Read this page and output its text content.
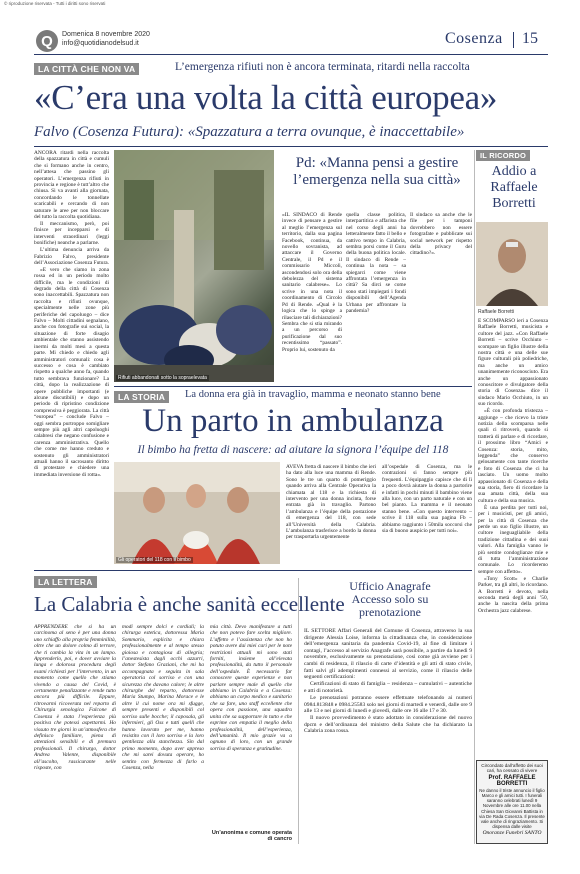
© riproduzione riservata - Tutti i diritti sono riservati
Q Domenica 8 novembre 2020
info@quotidianodelsud.it	Cosenza 15
LA CITTÀ CHE NON VA	L’emergenza rifiuti non è ancora terminata, ritardi nella raccolta
«C’era una volta la città europea»
Falvo (Cosenza Futura): «Spazzatura a terra ovunque, è inaccettabile»

ANCORA ritardi nella raccolta della spazzatura in città e cumuli che si formano anche in centro, nell’attesa che passino gli operatori. L’emergenza rifiuti in provincia e regione è tutt’altro che chiusa. Si va avanti alla giornata, concordando le tonnellate scaricabili e cercando di non saturare le aree per non bloccare del tutto la raccolta quotidiana.

Il meccanismo, però, poi finisce per incepparsi e di interventi straordinari (leggi bonifiche) neanche a parlarne.

L’ultima denuncia arriva da Fabrizio Falvo, presidente dell’Associazione Cosenza Futura.

«E vero che siamo in zona rossa ed in un periodo molto difficile, ma le condizioni di degrado della città di Cosenza sono inaccettabili. Spazzatura non raccolta e rifiuti ovunque, specialmente nelle zone più periferiche del capoluogo – dice Falvo – Molti cittadini segnalano, anche con fotografie sui social, la situazione di forte disagio ambientale che stanno assistendo inermi da molti mesi a questa parte. Mi chiedo e chiedo agli amministratori comunali: cosa è successo e cosa è cambiato rispetto a qualche anno fa, quando tutto sembrava funzionare? La città, dopo la realizzazione di opere pubbliche importanti (e alcune discutibili) e dopo un periodo di ripristino condizione comprensiva è peggiorata. La città “europea” – conclude Falvo – oggi sembra purtroppo somigliare sempre più agli altri capoluoghi calabresi che negano confusione e carenza amministrativa. Quello che come me hanno creduto e sostenuto gli amministratori attuali hanno il sacrosanto diritto di protestare e chiedere una immediata inversione di rotta».

Rifiuti abbandonati sotto la sopraelevata
Pd: «Manna pensi a gestire l’emergenza nella sua città»
«IL SINDACO di Rende invece di pensare a gestire al meglio l’emergenza sul territorio, dalla sua pagina Facebook, continua, da novello sovranista, ad attaccare il Governo Centrale, il Pd e il commissario Miccoli, ascondendosi solo ora della debolezza del sistema sanitario calabrese». Lo scrive in una nota il coordinamento di Circolo Pd di Rende. «Qual è la logica che lo spinge a rilasciare tali dichiarazioni? Sembra che si stia mirando a un percorso di purificazione dal suo recentissimo “passato”. Proprio lui, sostenuto da
quella classe politica, interpartitica e affarista che nel corso degli anni ha letteralmente fatto il bello e cattivo tempo in Calabria, sembra porsi come il Guru della buona politica locale. Il sindaco di Rende – continua la nota – sa spiegarci come viene affrontata l’emergenza in città? Sa dirci se come sono stati impiegati i fondi disponibili dell’Agenda Urbana per affrontare la pandemia?
Il sindaco sa anche che le file per i tamponi dovrebbero non essere fotografate e pubblicate sui social network per rispetto della privacy del cittadino?».
IL RICORDO
Addio a Raffaele Borretti
Raffaele Borretti

È SCOMPARSO ieri a Cosenza Raffaele Borretti, musicista e cultore del jazz. «Con Raffaele Borretti – scrive Occhiuto – scompare un figlio illustre della nostra città e una delle sue figure culturali più poliedriche, ma anche un amico unanimemente riconosciuto. Era anche un appassionato conoscitore e divulgatore della storia di Cosenza» dice il sindaco Mario Occhiuto, in un suo ricordo.

«È con profonda tristezza – aggiunge – che ricevo la triste notizia della scomparsa nelle quali ci ritroverò, quando si tratterà di parlare e di ricordare, il prossimo libro “Amici e Cosenza: storia, mito, leggenda” che conservo gelosamente con tante ricerche e foto di Cosenza che ci ha lasciato. Un uomo molto appassionato di Cosenza e della sua storia, fiero di ricordare la sua amata città, della sua cultura e della sua musica.

È una perdita per tutti noi, per i musicisti, per gli amici, per la città di Cosenza che perde un suo figlio illustre, un cultore ineguagliabile della tradizione cittadina e dei suoi valori. Alla famiglia vanno le più sentite condoglianze mie e di tutta l’amministrazione comunale. Lo ricorderemo sempre con affetto».

«Tony Scott» e Charlie Parker, tra gli altri, lo ricordano. A Borretti è devoto, nella seconda metà degli anni ’50, anche la nascita della prima Orchestra jazz calabrese.

Circondato dall’affetto dei suoi cari, ha cessato di vivere
Prof. RAFFAELE BORRETTI
Ne danno il triste annuncio il figlio Marco e gli amici tutti. I funerali saranno celebrati lunedì 9 Novembre alle ore 11.00 nella Chiesa San Giovanni Battista in via De Rada Cosenza. Il presente vale anche di ringraziamento. Si dispensa dalle visite
Onoranze Funebri SANTO
LA STORIA	La donna era già in travaglio, mamma e neonato stanno bene
Un parto in ambulanza
Il bimbo ha fretta di nascere: ad aiutare la signora l’équipe del 118
Gli operatori del 118 con il bimbo
AVEVA fretta di nascere il bimbo che ieri ha dato alla luce una mamma di Rende. Sono le tre un quarto di pomeriggio quando arriva alla Centrale Operativa la chiamata al 118 e la richiesta di intervento per una donna incinta, forse entrata già in travaglio. Partono l’ambulanza e l’équipe della postazione di emergenza del 118, con sede all’Università della Calabria. L’ambulanza trasferisce a bordo la donna per trasportarla urgentemente
all’ospedale di Cosenza, ma le contrazioni si fanno sempre più frequenti. L’équipaggio capisce che di lì a poco dovrà aiutare la donna a partorire e infatti in pochi minuti il bambino viene alla luce, con un parto naturale e con un bel pianto. La mamma e il neonato stanno bene. «Con questo intervento – scrive il 118 sulla sua pagina Fb – abbiamo raggiunto i 50mila soccorsi che sia di buono auspicio per tutti noi».
LA LETTERA
La Calabria è anche sanità eccellente
APPRENDERE che si ha un carcinoma al seno è per una donna uno schiaffo alla propria femminilità, oltre che un dolore colmo di terrore, che ti cambia la vita in un lampo. Apprenderlo, poi, e dover avviare la lunga e dolorosa procedura degli esami richiesti per l’intervento, in un momento come quello che stiamo vivendo a causa del Covid, è certamente penalizzante e rende tutto ancora più difficile. Eppure, ritrovarmi ricoverata nel reparto di Chirurgia senologica Falcone di Cosenza è stata l’esperienza più positiva che potessi aspettarmi. Ho vissuto tre giorni in un’atmosfera che definisco familiare, piena di attenzioni sensibili e di premura professionali. Il chirurgo, dottor Andrea Valente, disponibile all’ascolto, rassicurante nelle risposte, con
modi sempre dolci e cordiali; la chirurga estetica, dottoressa Maria Sommario, esplicita e chiara professionalmente e al tempo stesso gioiosa e contagiosa di allegria; l’anestesista dagli occhi azzurri, dottor Stefano Graziani, che mi ha accompagnata e seguita in sala operatoria col sorriso e con una sicurezza che davano calore; le altre chirurghe del reparto, dottoresse Maria Stumpo, Marina Morace e le altre il cui nome ora mi sfugge, sempre presenti e disponibili col sorriso sulle bocche; il caposala, gli infermieri, gli Oss e tutti quelli che hanno lavorato per me, hanno resistito con il loro sorriso e la loro gentilezza alla stanchezza. Sin dal primo momento, dopo aver appreso che mi sarei dovuta operare, ho sentito con fermezza di farlo a Cosenza, nella
mia città. Devo manifestare a tutti che non potevo fare scelta migliore. L’affetto e l’assistenza che non ho potuto avere dai miei cari per le note restrizioni attuali mi sono stati forniti, insieme all’elevata professionalità, da tutto il personale dell’ospedale. È necessario far conoscere queste esperienze e non parlare sempre male di quello che abbiamo in Calabria e a Cosenza: abbiamo un corpo medico e sanitario che sa fare, uno staff eccellente che opera con passione, una squadra unita che sa supportare in tutto e che esprime con empatia il meglio della professionalità, dell’esperienza, dell’umanità. Il mio grazie va a ognuno di loro, con un grande sorriso di speranza e gratitudine.
Un’anonima e comune operata di cancro
Ufficio Anagrafe Accesso solo su prenotazione

IL SETTORE Affari Generali del Comune di Cosenza, attraverso la sua dirigente Alessia Loise, informa la cittadinanza che, in considerazione dell’emergenza sanitaria da pandemia Covid-19, al fine di limitare i contagi, l’accesso al servizio Anagrafe sarà possibile, a partire da lunedì 9 novembre, esclusivamente su prenotazione, così come già avviene per i cambi di residenza, il rilascio di carte d’identità e gli atti di stato civile, fatti salvi gli adempimenti connessi al servizio, come il rilascio delle seguenti certificazioni:

Certificazioni di stato di famiglia – residenza – cumulativi – autentiche e atti di notorietà.

Le prenotazioni potranno essere effettuate telefonando ai numeri 0984.813848 e 0984.25583 solo nei giorni di martedì e venerdì, dalle ore 9 alle 13 e nei giorni di lunedì e giovedì, dalle ore 16 alle 17 e 30.

Il nuovo provvedimento è stato adottato in considerazione del nuovo dpcm e dell’ordinanza del ministro della Salute che ha dichiarato la Calabria zona rossa.
